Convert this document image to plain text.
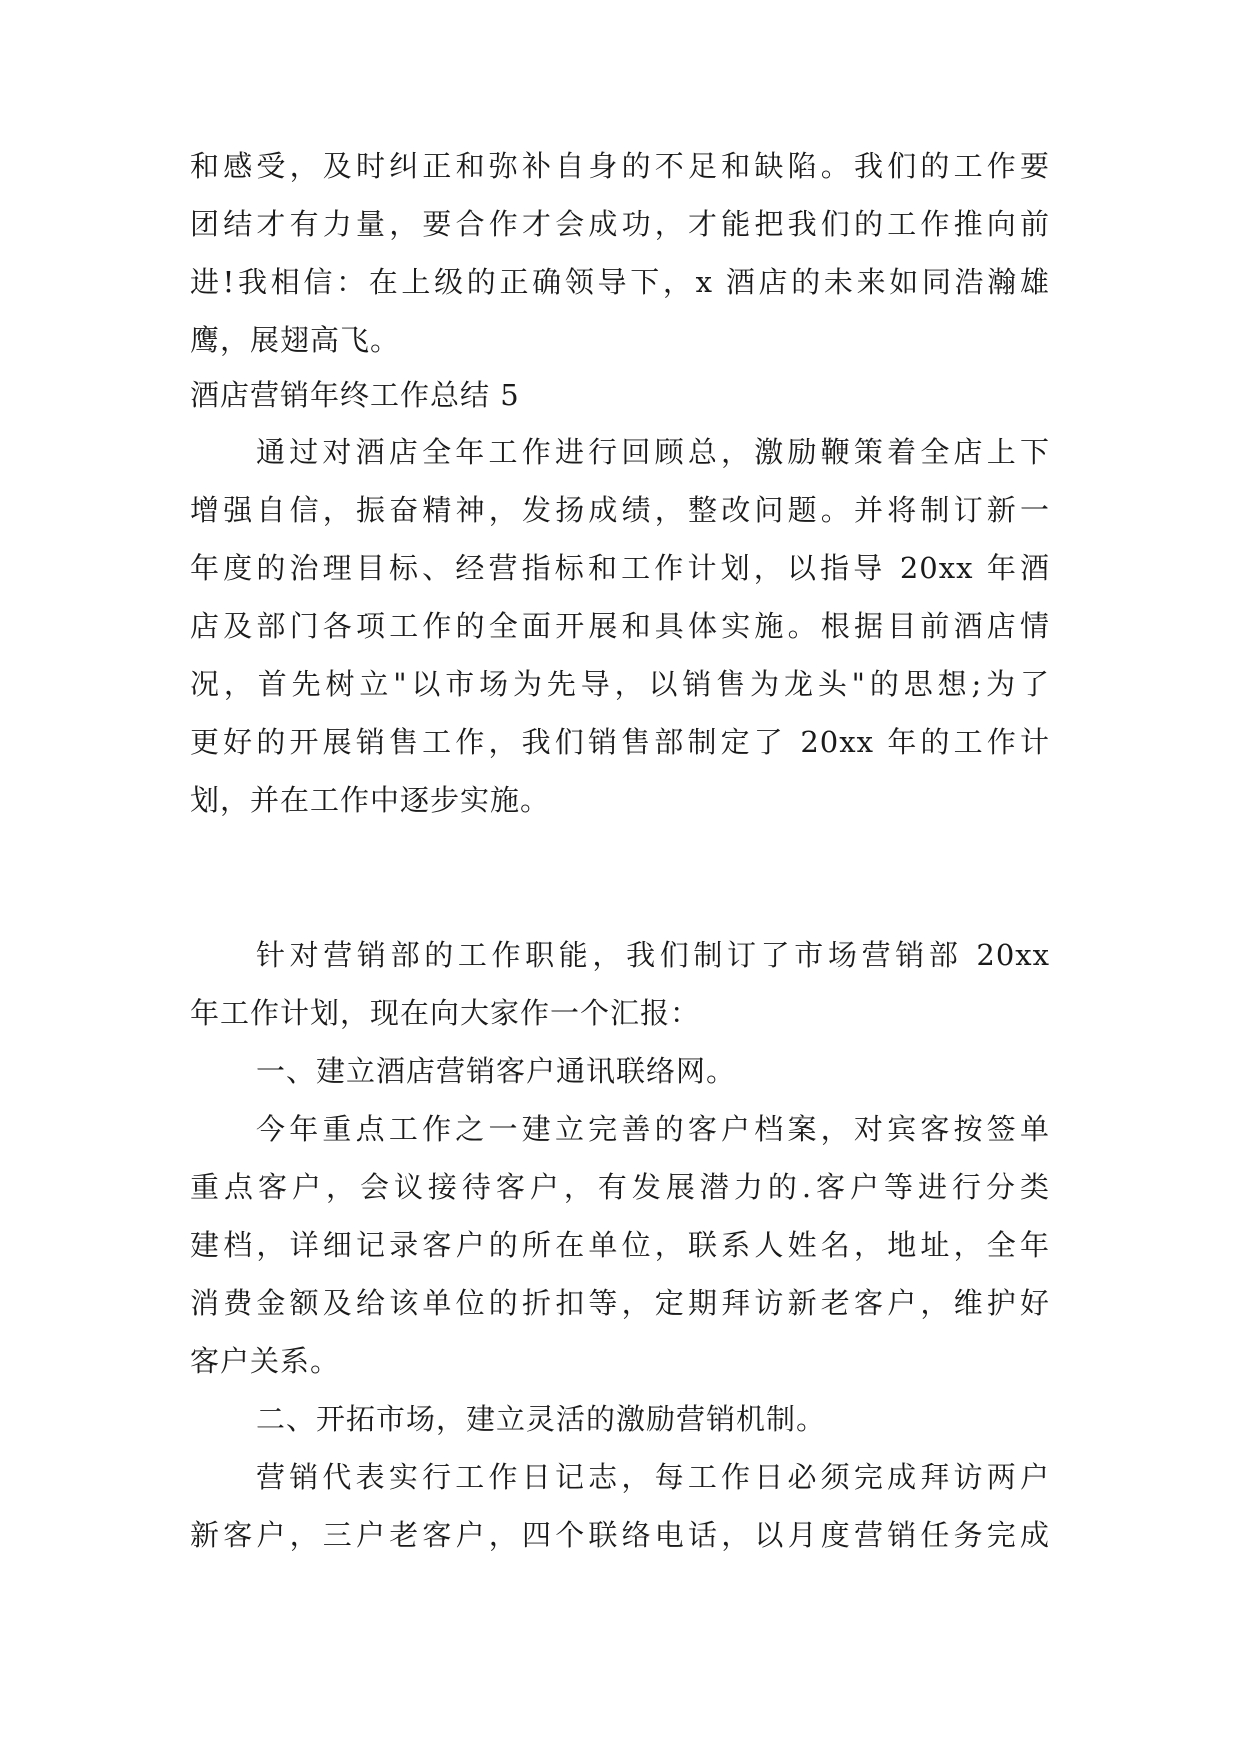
和感受，及时纠正和弥补自身的不足和缺陷。我们的工作要
团结才有力量，要合作才会成功，才能把我们的工作推向前
进!我相信：在上级的正确领导下，x 酒店的未来如同浩瀚雄
鹰，展翅高飞。
酒店营销年终工作总结 5
通过对酒店全年工作进行回顾总，激励鞭策着全店上下
增强自信，振奋精神，发扬成绩，整改问题。并将制订新一
年度的治理目标、经营指标和工作计划，以指导 20xx 年酒
店及部门各项工作的全面开展和具体实施。根据目前酒店情
况，首先树立"以市场为先导，以销售为龙头"的思想;为了
更好的开展销售工作，我们销售部制定了 20xx 年的工作计
划，并在工作中逐步实施。
针对营销部的工作职能，我们制订了市场营销部 20xx
年工作计划，现在向大家作一个汇报：
一、建立酒店营销客户通讯联络网。
今年重点工作之一建立完善的客户档案，对宾客按签单
重点客户，会议接待客户，有发展潜力的.客户等进行分类
建档，详细记录客户的所在单位，联系人姓名，地址，全年
消费金额及给该单位的折扣等，定期拜访新老客户，维护好
客户关系。
二、开拓市场，建立灵活的激励营销机制。
营销代表实行工作日记志，每工作日必须完成拜访两户
新客户，三户老客户，四个联络电话，以月度营销任务完成
